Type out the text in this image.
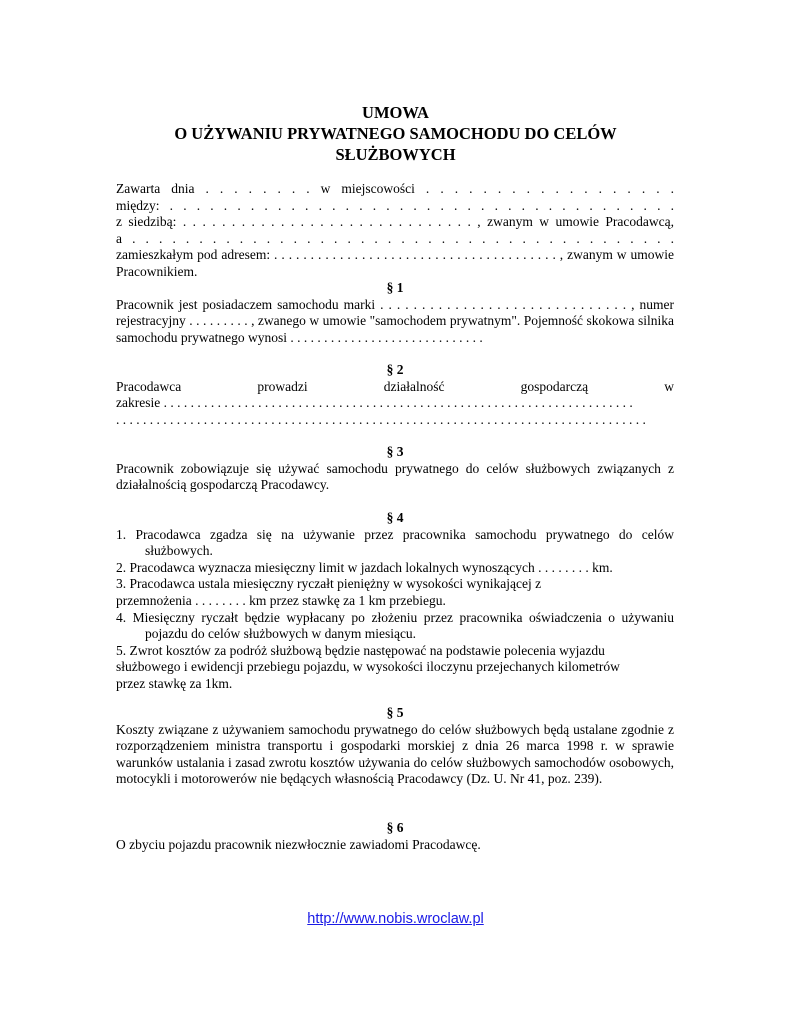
UMOWA
O UŻYWANIU PRYWATNEGO SAMOCHODU DO CELÓW
SŁUŻBOWYCH

Zawarta dnia . . . . . . . . w miejscowości . . . . . . . . . . . . . . . . . .

między: . . . . . . . . . . . . . . . . . . . . . . . . . . . . . . . . . . . . . .

z siedzibą: . . . . . . . . . . . . . . . . . . . . . . . . . . . . . . , zwanym w umowie Pracodawcą,

a . . . . . . . . . . . . . . . . . . . . . . . . . . . . . . . . . . . . . . . . .

zamieszkałym pod adresem: . . . . . . . . . . . . . . . . . . . . . . . . . . . . . . . . . . . . . . . , zwanym w umowie Pracownikiem.

§ 1

Pracownik jest posiadaczem samochodu marki . . . . . . . . . . . . . . . . . . . . . . . . . . . . . . , numer rejestracyjny . . . . . . . . . , zwanego w umowie "samochodem prywatnym". Pojemność skokowa silnika samochodu prywatnego wynosi . . . . . . . . . . . . . . . . . . . . . . . . . . . . .

§ 2

Pracodawca prowadzi działalność gospodarczą w

zakresie . . . . . . . . . . . . . . . . . . . . . . . . . . . . . . . . . . . . . . . . . . . . . . . . . . . . . . . . . . . . . . . . . . . . . .

. . . . . . . . . . . . . . . . . . . . . . . . . . . . . . . . . . . . . . . . . . . . . . . . . . . . . . . . . . . . . . . . . . . . . . . . . . . . . . .

§ 3

Pracownik zobowiązuje się używać samochodu prywatnego do celów służbowych związanych z działalnością gospodarczą Pracodawcy.

§ 4

1. Pracodawca zgadza się na używanie przez pracownika samochodu prywatnego do celów służbowych.

2. Pracodawca wyznacza miesięczny limit w jazdach lokalnych wynoszących . . . . . . . . km.

3. Pracodawca ustala miesięczny ryczałt pieniężny w wysokości wynikającej z

przemnożenia . . . . . . . . km przez stawkę za 1 km przebiegu.

4. Miesięczny ryczałt będzie wypłacany po złożeniu przez pracownika oświadczenia o używaniu pojazdu do celów służbowych w danym miesiącu.

5. Zwrot kosztów za podróż służbową będzie następować na podstawie polecenia wyjazdu

służbowego i ewidencji przebiegu pojazdu, w wysokości iloczynu przejechanych kilometrów

przez stawkę za 1km.

§ 5

Koszty związane z używaniem samochodu prywatnego do celów służbowych będą ustalane zgodnie z rozporządzeniem ministra transportu i gospodarki morskiej z dnia 26 marca 1998 r. w sprawie warunków ustalania i zasad zwrotu kosztów używania do celów służbowych samochodów osobowych, motocykli i motorowerów nie będących własnością Pracodawcy (Dz. U. Nr 41, poz. 239).

§ 6

O zbyciu pojazdu pracownik niezwłocznie zawiadomi Pracodawcę.

http://www.nobis.wroclaw.pl
